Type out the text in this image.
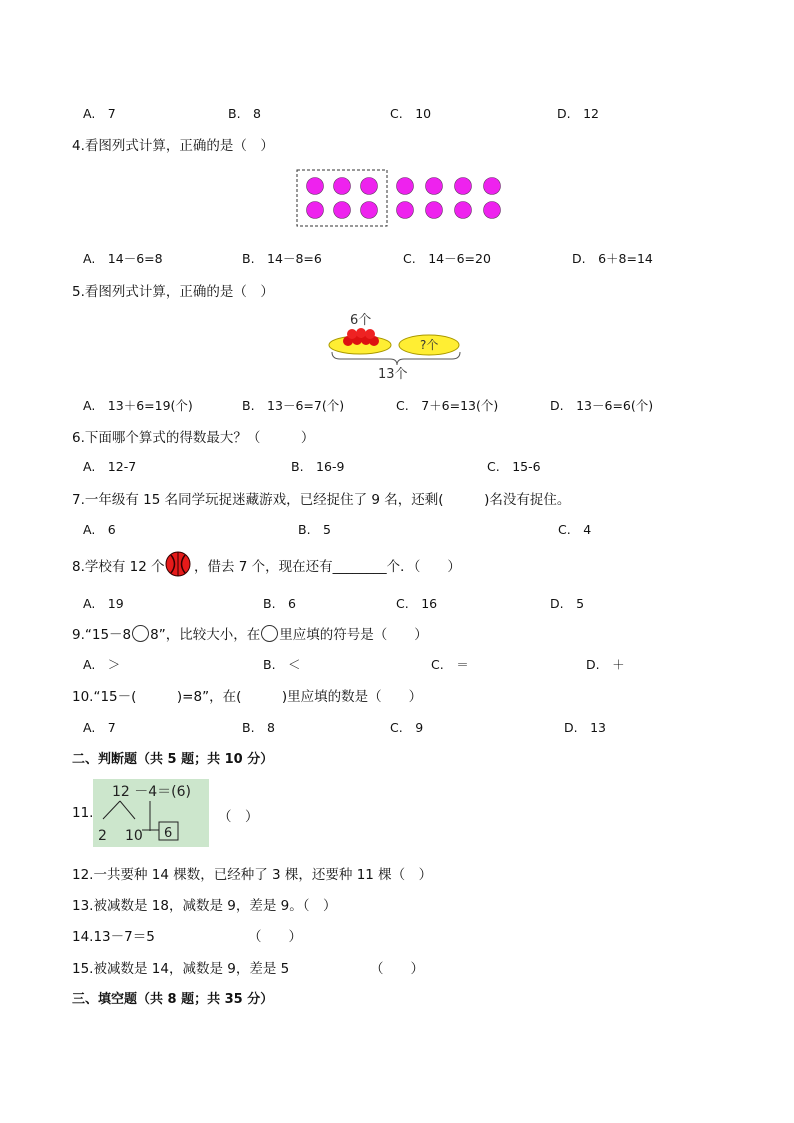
A.　7	B.　8	C.　10	D.　12
4.看图列式计算，正确的是（　）
A.　14－6=8	B.　14－8=6	C.　14－6=20	D.　6＋8=14
5.看图列式计算，正确的是（　）
6个
?个
13个
A.　13＋6=19(个)	B.　13－6=7(个)	C.　7＋6=13(个)	D.　13－6=6(个)
6.下面哪个算式的得数最大？（　　　）
A.　12-7	B.　16-9	C.　15-6
7.一年级有 15 名同学玩捉迷藏游戏，已经捉住了 9 名，还剩(　　　)名没有捉住。
A.　6	B.　5	C.　4
8.学校有 12 个 ，借去 7 个，现在还有________个．（　　）
A.　19	B.　6	C.　16	D.　5
9.“15－8 8”，比较大小，在 里应填的符号是（　　）
A.　＞	B.　＜	C.　＝	D.　＋
10.“15－(　　　)=8”，在(　　　)里应填的数是（　　）
A.　7	B.　8	C.　9	D.　13
二、判断题（共 5 题；共 10 分）
11.
12 －4＝(6)
2 10 6
（　）
12.一共要种 14 棵数，已经种了 3 棵，还要种 11 棵（　）
13.被减数是 18，减数是 9，差是 9。（　）
14.13－7＝5	（　　）
15.被减数是 14，减数是 9，差是 5	（　　）
三、填空题（共 8 题；共 35 分）
